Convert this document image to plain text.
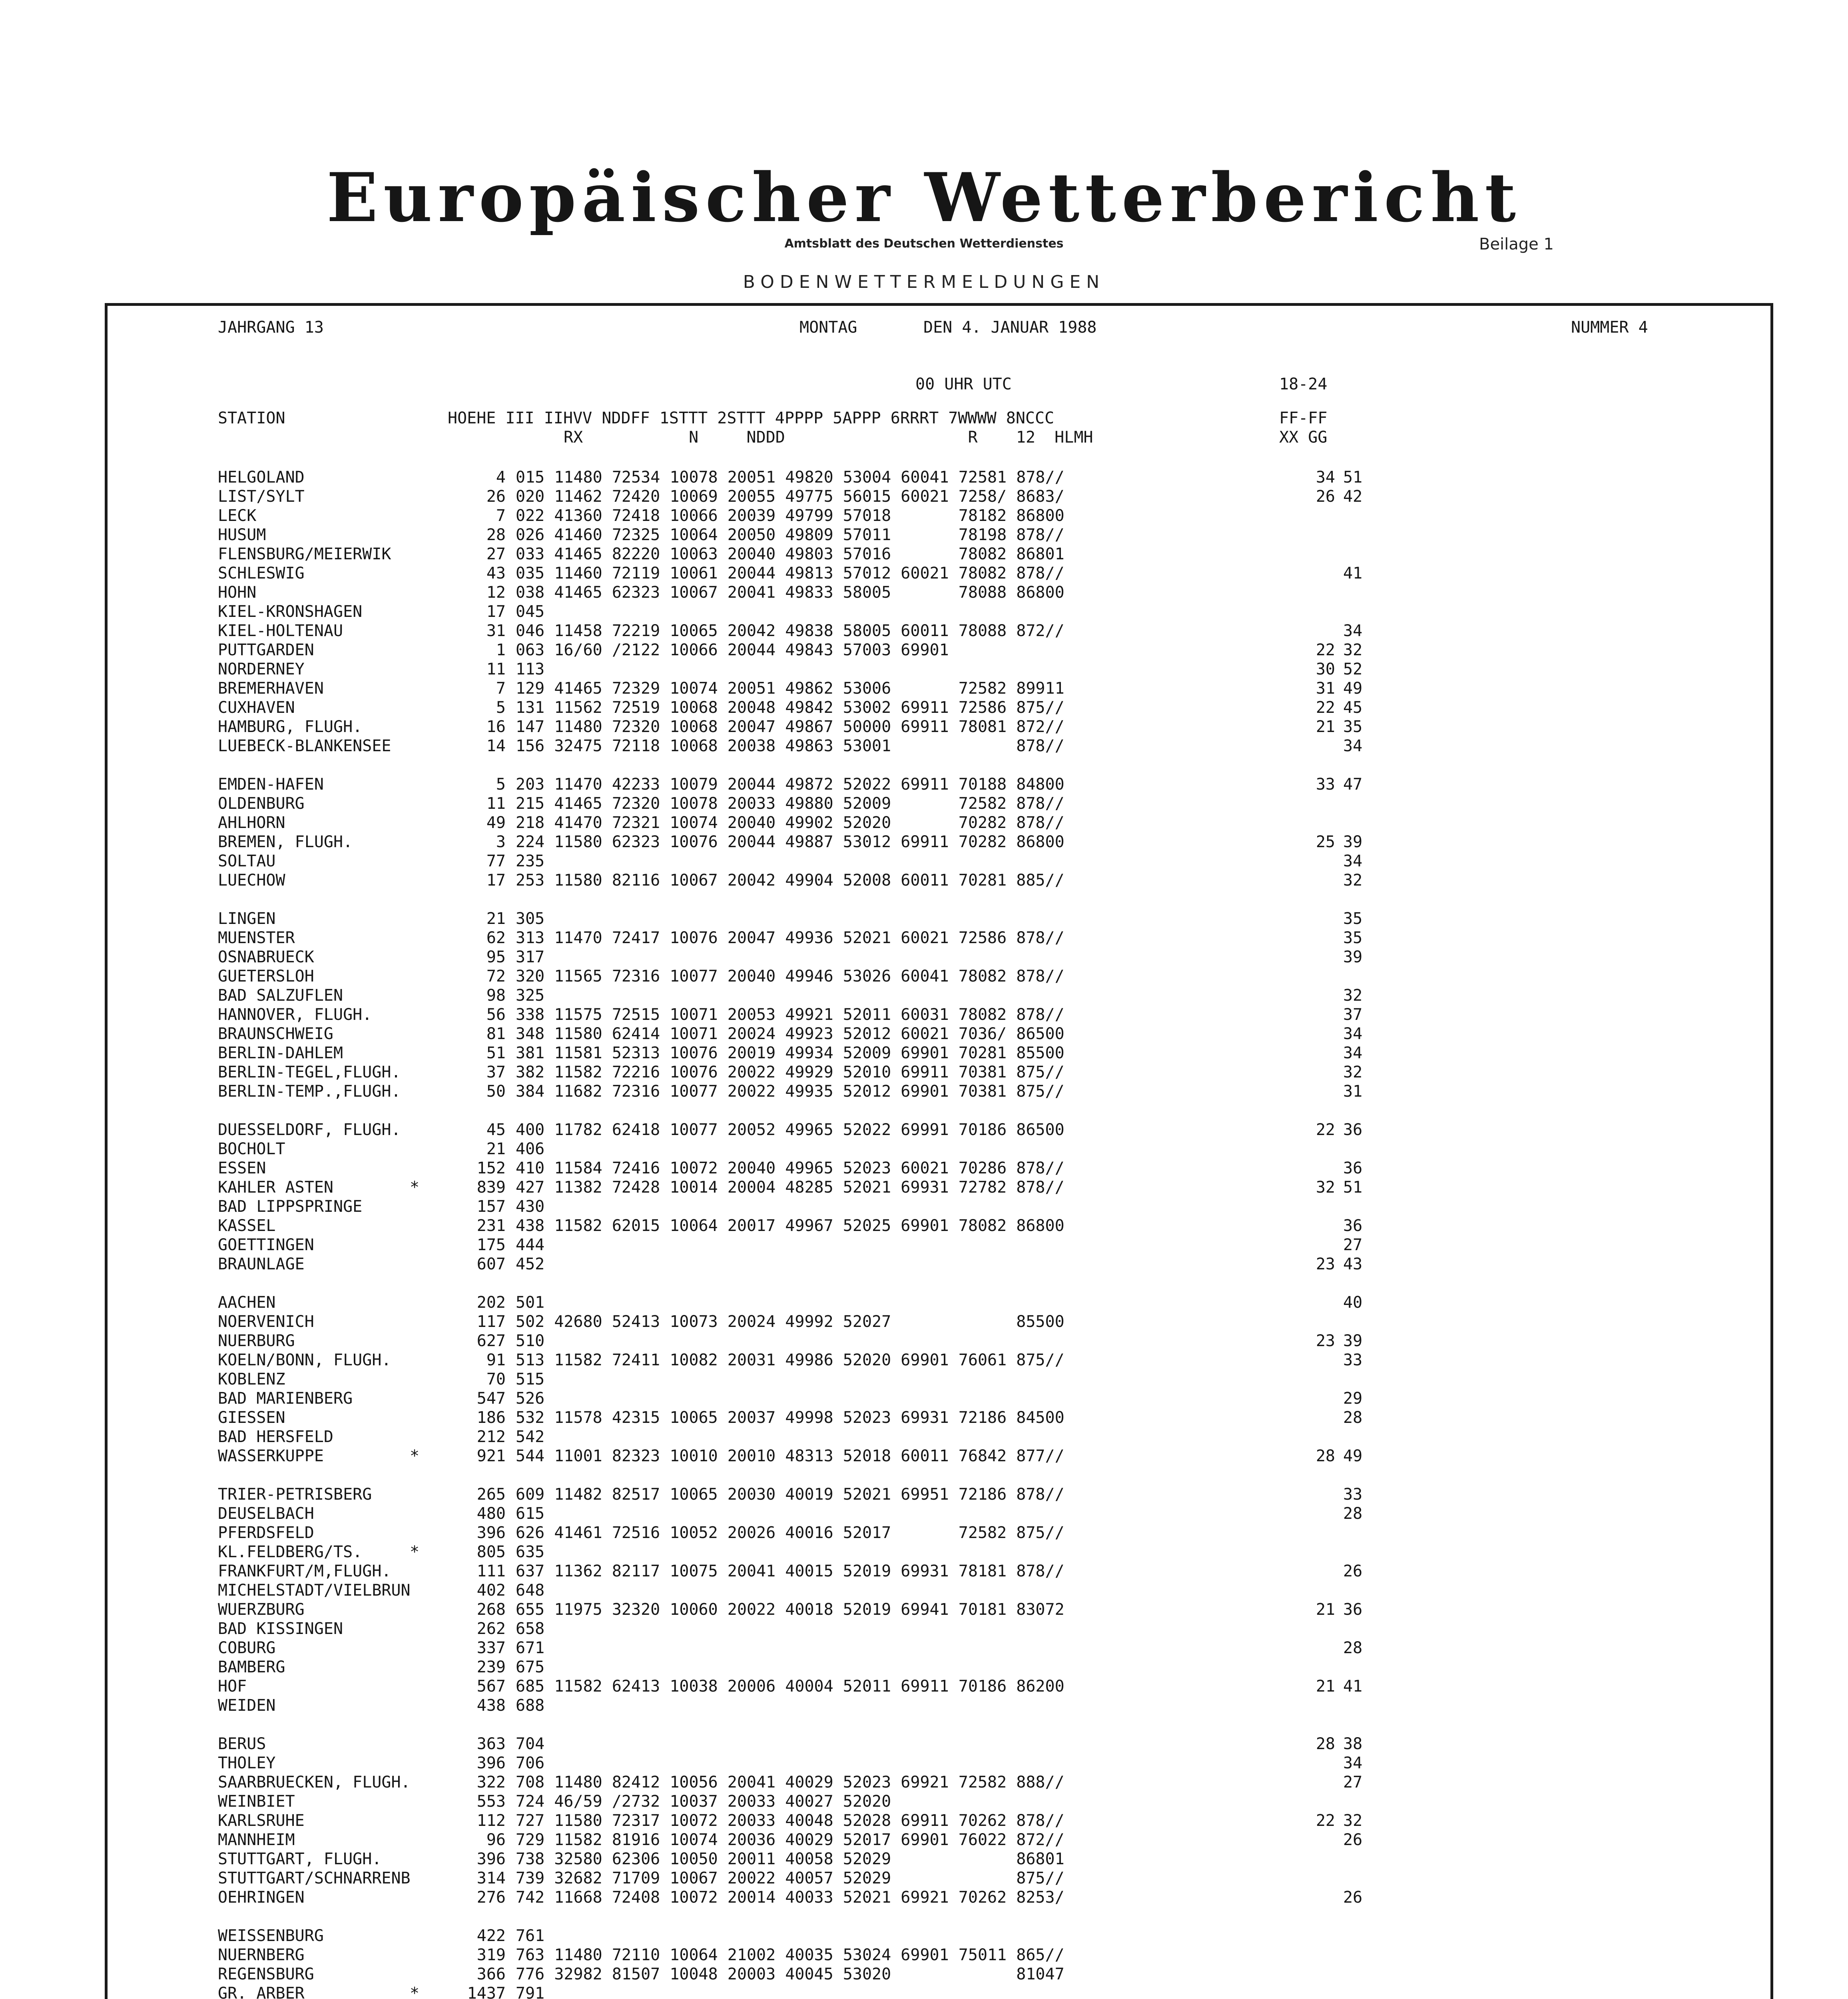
Europäischer Wetterbericht
Amtsblatt des Deutschen Wetterdienstes	Beilage 1
BODENWETTERMELDUNGEN
JAHRGANG 13	MONTAG	DEN 4. JANUAR 1988	NUMMER 4
00 UHR UTC	18-24
STATION	HOEHE III IIHVV NDDFF 1STTT 2STTT 4PPPP 5APPP 6RRRT 7WWWW 8NCCC
RX           N     NDDD                   R    12  HLMH
FF-FF
XX GG
HELGOLAND	4 015 11480 72534 10078 20051 49820 53004 60041 72581 878//	34 51
LIST/SYLT	26 020 11462 72420 10069 20055 49775 56015 60021 7258/ 8683/	26 42
LECK	7 022 41360 72418 10066 20039 49799 57018       78182 86800
HUSUM	28 026 41460 72325 10064 20050 49809 57011       78198 878//
FLENSBURG/MEIERWIK	27 033 41465 82220 10063 20040 49803 57016       78082 86801
SCHLESWIG	43 035 11460 72119 10061 20044 49813 57012 60021 78082 878//	41
HOHN	12 038 41465 62323 10067 20041 49833 58005       78088 86800
KIEL-KRONSHAGEN	17 045
KIEL-HOLTENAU	31 046 11458 72219 10065 20042 49838 58005 60011 78088 872//	34
PUTTGARDEN	1 063 16/60 /2122 10066 20044 49843 57003 69901	22 32
NORDERNEY	11 113	30 52
BREMERHAVEN	7 129 41465 72329 10074 20051 49862 53006       72582 89911	31 49
CUXHAVEN	5 131 11562 72519 10068 20048 49842 53002 69911 72586 875//	22 45
HAMBURG, FLUGH.	16 147 11480 72320 10068 20047 49867 50000 69911 78081 872//	21 35
LUEBECK-BLANKENSEE	14 156 32475 72118 10068 20038 49863 53001             878//	34
EMDEN-HAFEN	5 203 11470 42233 10079 20044 49872 52022 69911 70188 84800	33 47
OLDENBURG	11 215 41465 72320 10078 20033 49880 52009       72582 878//
AHLHORN	49 218 41470 72321 10074 20040 49902 52020       70282 878//
BREMEN, FLUGH.	3 224 11580 62323 10076 20044 49887 53012 69911 70282 86800	25 39
SOLTAU	77 235	34
LUECHOW	17 253 11580 82116 10067 20042 49904 52008 60011 70281 885//	32
LINGEN	21 305	35
MUENSTER	62 313 11470 72417 10076 20047 49936 52021 60021 72586 878//	35
OSNABRUECK	95 317	39
GUETERSLOH	72 320 11565 72316 10077 20040 49946 53026 60041 78082 878//
BAD SALZUFLEN	98 325	32
HANNOVER, FLUGH.	56 338 11575 72515 10071 20053 49921 52011 60031 78082 878//	37
BRAUNSCHWEIG	81 348 11580 62414 10071 20024 49923 52012 60021 7036/ 86500	34
BERLIN-DAHLEM	51 381 11581 52313 10076 20019 49934 52009 69901 70281 85500	34
BERLIN-TEGEL,FLUGH.	37 382 11582 72216 10076 20022 49929 52010 69911 70381 875//	32
BERLIN-TEMP.,FLUGH.	50 384 11682 72316 10077 20022 49935 52012 69901 70381 875//	31
DUESSELDORF, FLUGH.	45 400 11782 62418 10077 20052 49965 52022 69991 70186 86500	22 36
BOCHOLT	21 406
ESSEN	152 410 11584 72416 10072 20040 49965 52023 60021 70286 878//	36
KAHLER ASTEN	*	839 427 11382 72428 10014 20004 48285 52021 69931 72782 878//	32 51
BAD LIPPSPRINGE	157 430
KASSEL	231 438 11582 62015 10064 20017 49967 52025 69901 78082 86800	36
GOETTINGEN	175 444	27
BRAUNLAGE	607 452	23 43
AACHEN	202 501	40
NOERVENICH	117 502 42680 52413 10073 20024 49992 52027             85500
NUERBURG	627 510	23 39
KOELN/BONN, FLUGH.	91 513 11582 72411 10082 20031 49986 52020 69901 76061 875//	33
KOBLENZ	70 515
BAD MARIENBERG	547 526	29
GIESSEN	186 532 11578 42315 10065 20037 49998 52023 69931 72186 84500	28
BAD HERSFELD	212 542
WASSERKUPPE	*	921 544 11001 82323 10010 20010 48313 52018 60011 76842 877//	28 49
TRIER-PETRISBERG	265 609 11482 82517 10065 20030 40019 52021 69951 72186 878//	33
DEUSELBACH	480 615	28
PFERDSFELD	396 626 41461 72516 10052 20026 40016 52017       72582 875//
KL.FELDBERG/TS.	*	805 635
FRANKFURT/M,FLUGH.	111 637 11362 82117 10075 20041 40015 52019 69931 78181 878//	26
MICHELSTADT/VIELBRUN	402 648
WUERZBURG	268 655 11975 32320 10060 20022 40018 52019 69941 70181 83072	21 36
BAD KISSINGEN	262 658
COBURG	337 671	28
BAMBERG	239 675
HOF	567 685 11582 62413 10038 20006 40004 52011 69911 70186 86200	21 41
WEIDEN	438 688
BERUS	363 704	28 38
THOLEY	396 706	34
SAARBRUECKEN, FLUGH.	322 708 11480 82412 10056 20041 40029 52023 69921 72582 888//	27
WEINBIET	553 724 46/59 /2732 10037 20033 40027 52020
KARLSRUHE	112 727 11580 72317 10072 20033 40048 52028 69911 70262 878//	22 32
MANNHEIM	96 729 11582 81916 10074 20036 40029 52017 69901 76022 872//	26
STUTTGART, FLUGH.	396 738 32580 62306 10050 20011 40058 52029             86801
STUTTGART/SCHNARRENB	314 739 32682 71709 10067 20022 40057 52029             875//
OEHRINGEN	276 742 11668 72408 10072 20014 40033 52021 69921 70262 8253/	26
WEISSENBURG	422 761
NUERNBERG	319 763 11480 72110 10064 21002 40035 53024 69901 75011 865//
REGENSBURG	366 776 32982 81507 10048 20003 40045 53020             81047
GR. ARBER	*	1437 791
